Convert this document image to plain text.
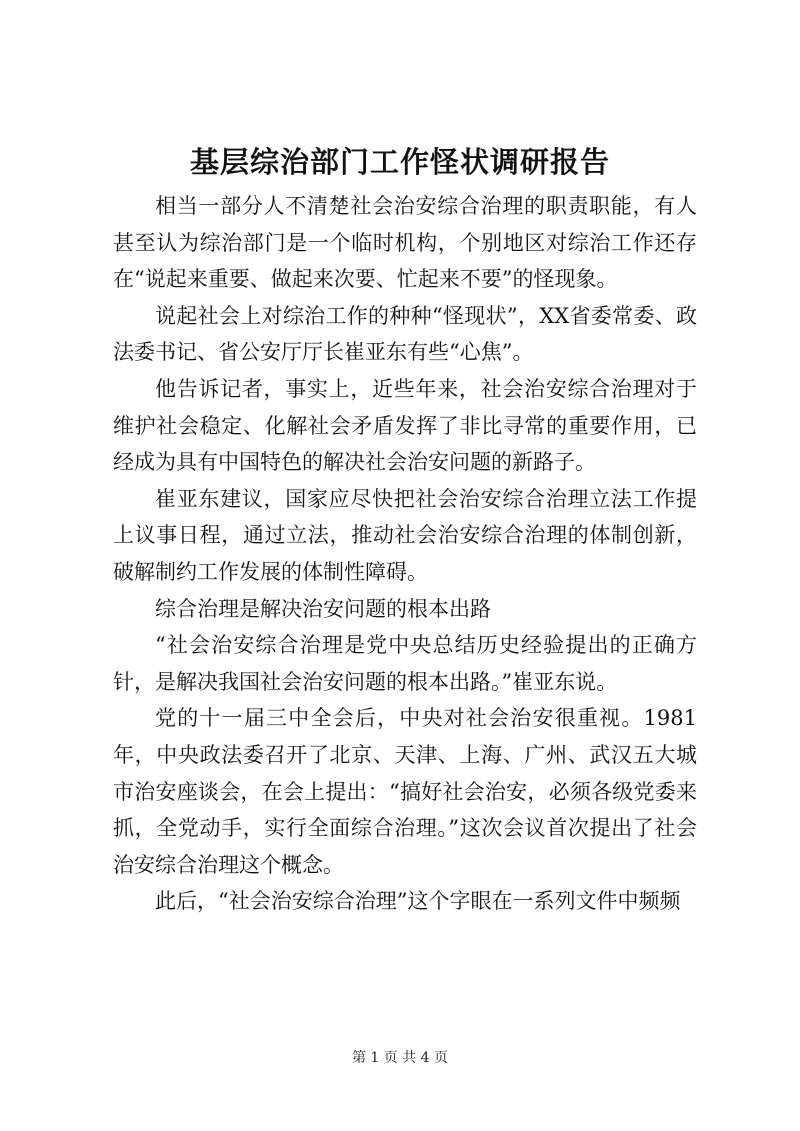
基层综治部门工作怪状调研报告

相当一部分人不清楚社会治安综合治理的职责职能，有人甚至认为综治部门是一个临时机构，个别地区对综治工作还存在“说起来重要、做起来次要、忙起来不要”的怪现象。

说起社会上对综治工作的种种“怪现状”，XX省委常委、政法委书记、省公安厅厅长崔亚东有些“心焦”。

他告诉记者，事实上，近些年来，社会治安综合治理对于维护社会稳定、化解社会矛盾发挥了非比寻常的重要作用，已经成为具有中国特色的解决社会治安问题的新路子。

崔亚东建议，国家应尽快把社会治安综合治理立法工作提上议事日程，通过立法，推动社会治安综合治理的体制创新，破解制约工作发展的体制性障碍。

综合治理是解决治安问题的根本出路

“社会治安综合治理是党中央总结历史经验提出的正确方针，是解决我国社会治安问题的根本出路。”崔亚东说。

党的十一届三中全会后，中央对社会治安很重视。1981年，中央政法委召开了北京、天津、上海、广州、武汉五大城市治安座谈会，在会上提出：“搞好社会治安，必须各级党委来抓，全党动手，实行全面综合治理。”这次会议首次提出了社会治安综合治理这个概念。

此后，“社会治安综合治理”这个字眼在一系列文件中频频

第 1 页 共 4 页
